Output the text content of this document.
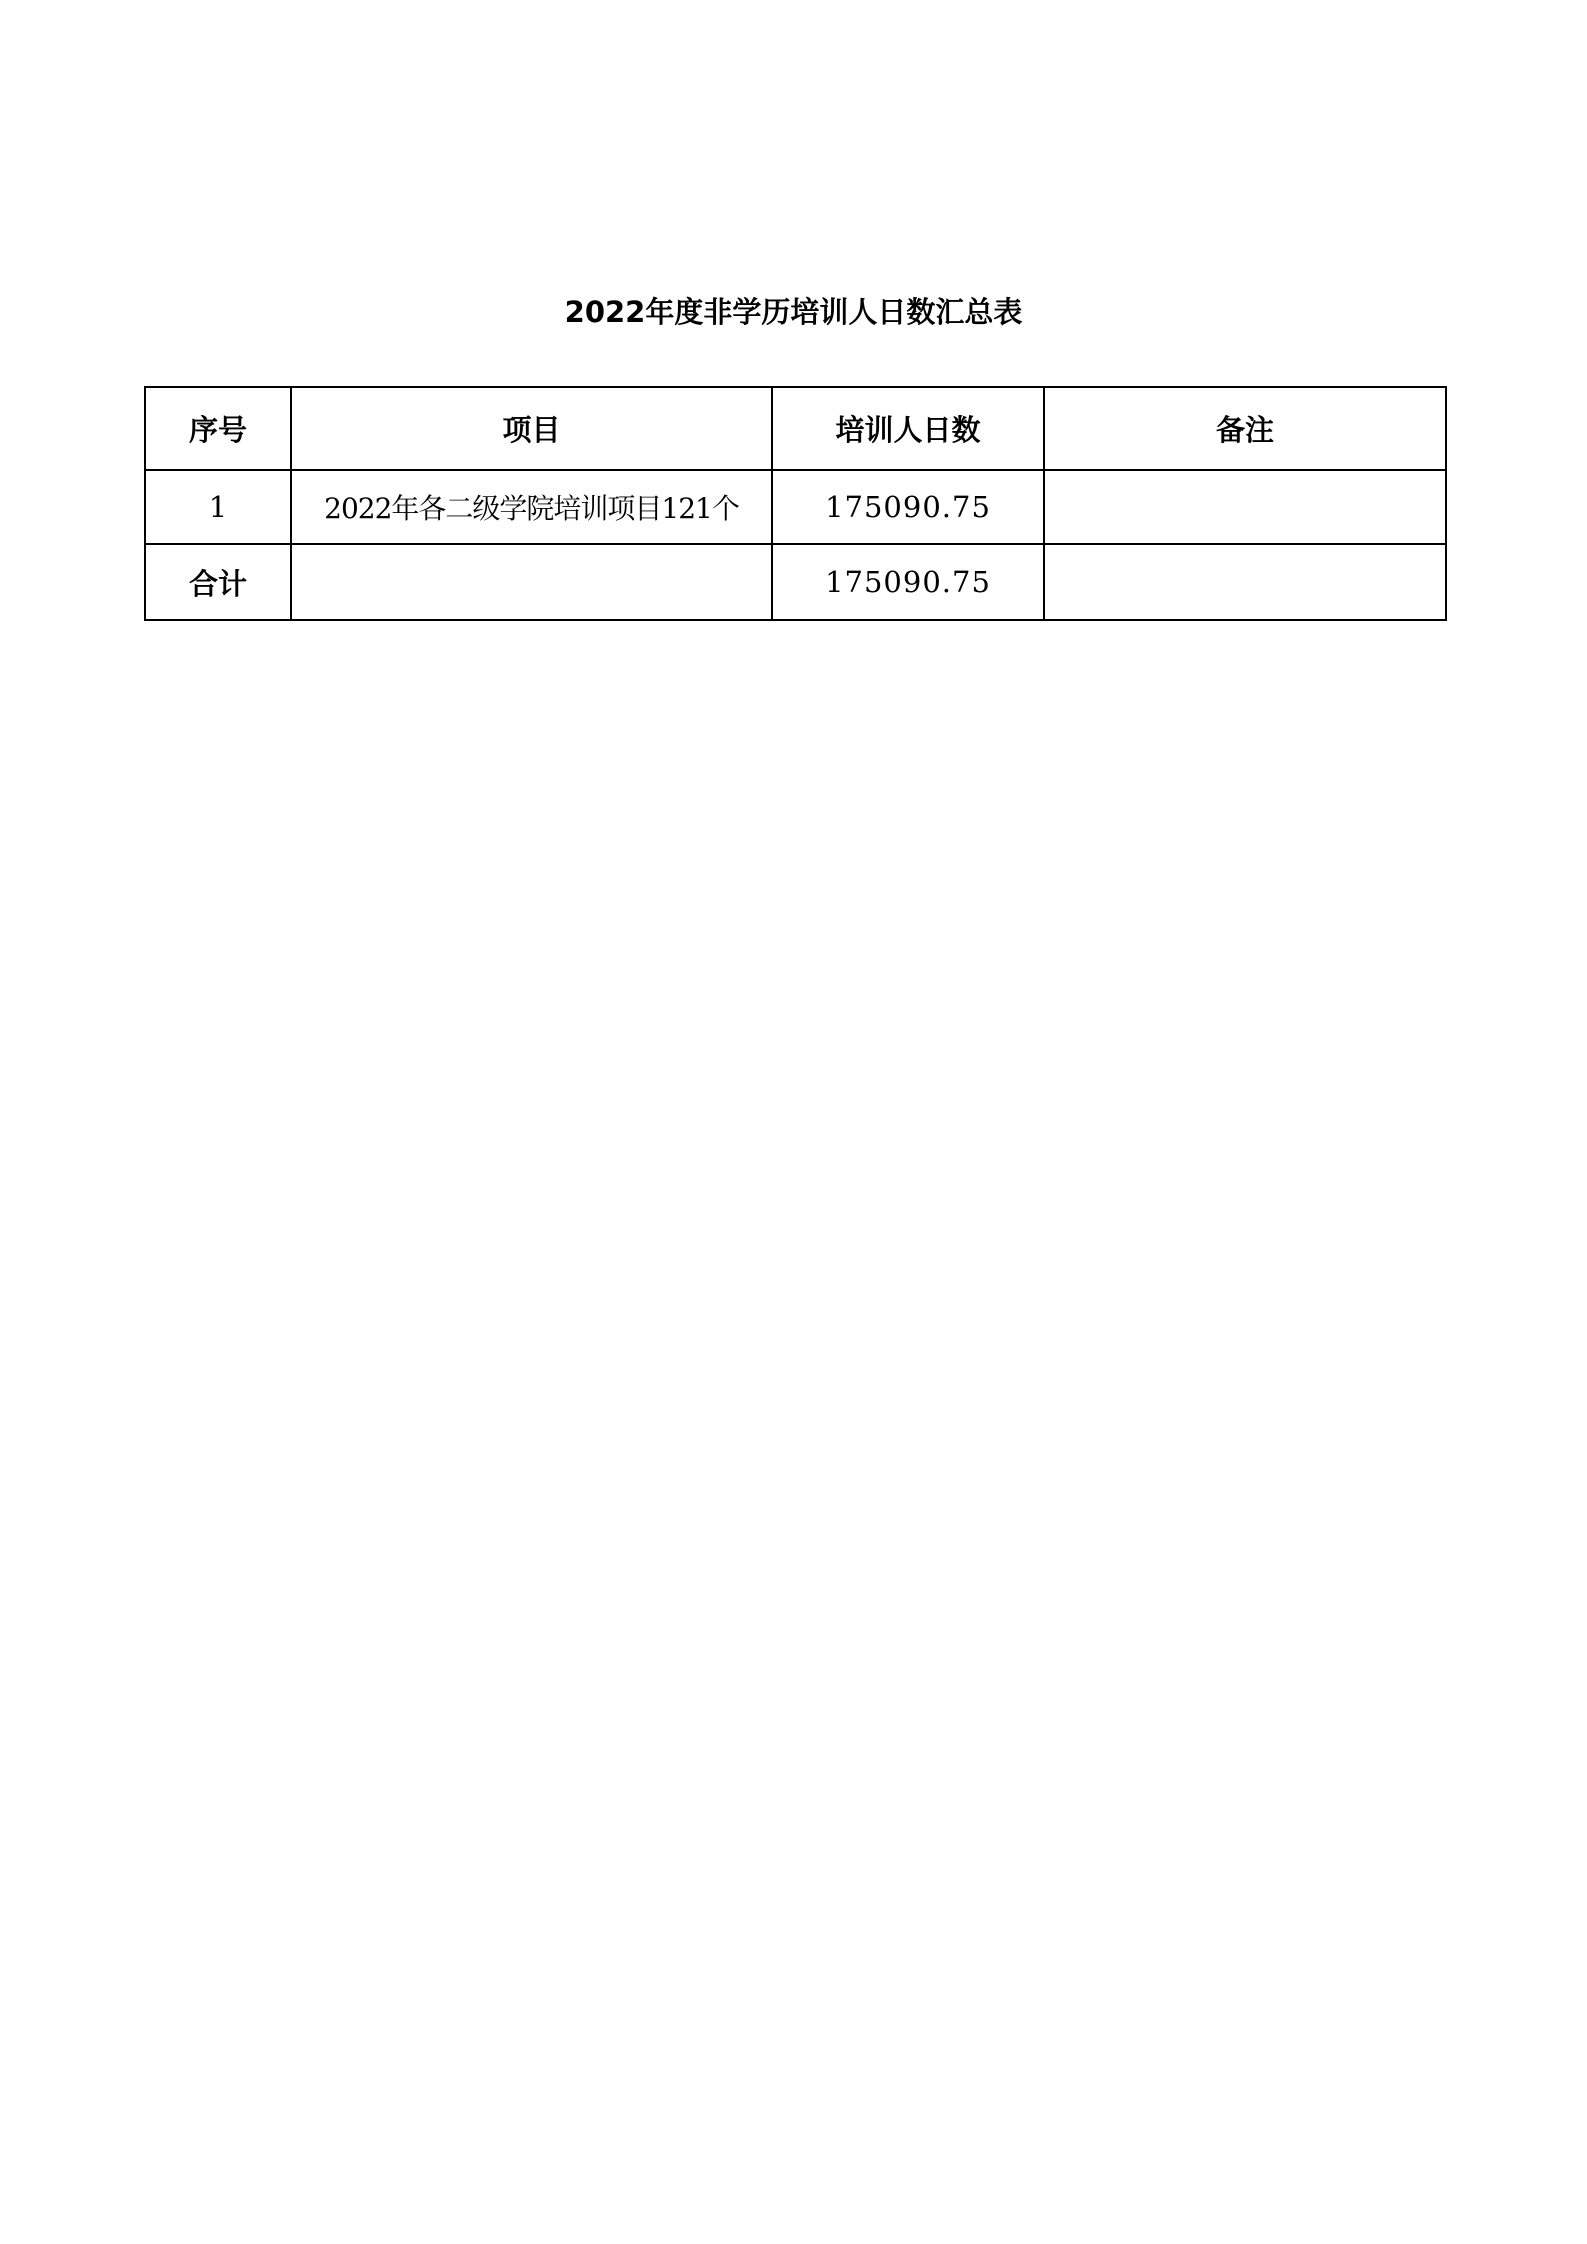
2022年度非学历培训人日数汇总表
序号	项目	培训人日数	备注
1	2022年各二级学院培训项目121个	175090.75	
合计		175090.75	
